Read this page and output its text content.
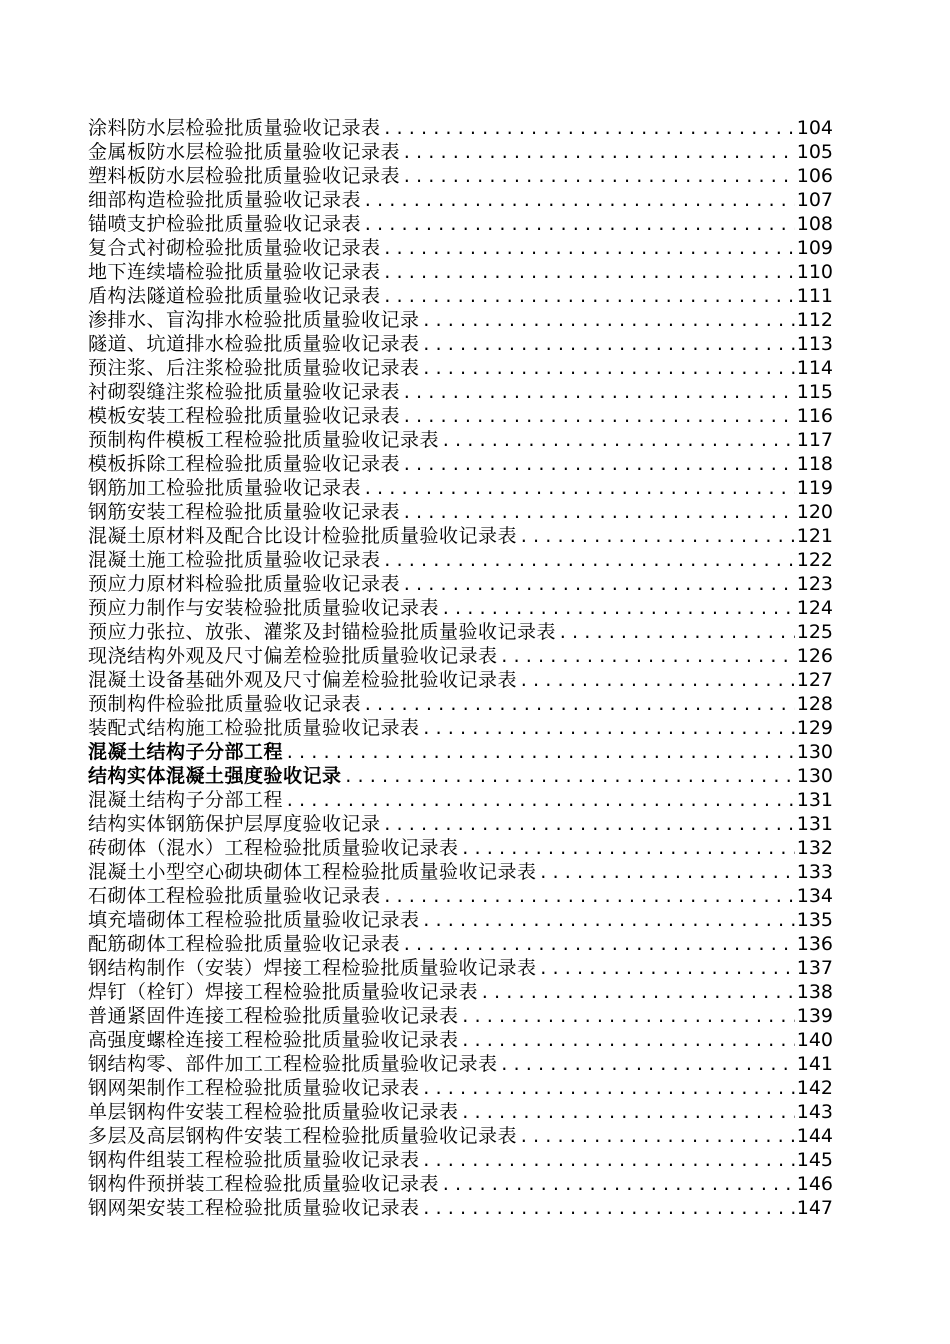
涂料防水层检验批质量验收记录表 .....	104
金属板防水层检验批质量验收记录表 .....	105
塑料板防水层检验批质量验收记录表 .....	106
细部构造检验批质量验收记录表 .....	107
锚喷支护检验批质量验收记录表 .....	108
复合式衬砌检验批质量验收记录表 .....	109
地下连续墙检验批质量验收记录表 .....	110
盾构法隧道检验批质量验收记录表 .....	111
渗排水、盲沟排水检验批质量验收记录 .....	112
隧道、坑道排水检验批质量验收记录表 .....	113
预注浆、后注浆检验批质量验收记录表 .....	114
衬砌裂缝注浆检验批质量验收记录表 .....	115
模板安装工程检验批质量验收记录表 .....	116
预制构件模板工程检验批质量验收记录表 .....	117
模板拆除工程检验批质量验收记录表 .....	118
钢筋加工检验批质量验收记录表 .....	119
钢筋安装工程检验批质量验收记录表 .....	120
混凝土原材料及配合比设计检验批质量验收记录表 .....	121
混凝土施工检验批质量验收记录表 .....	122
预应力原材料检验批质量验收记录表 .....	123
预应力制作与安装检验批质量验收记录表 .....	124
预应力张拉、放张、灌浆及封锚检验批质量验收记录表 .....	125
现浇结构外观及尺寸偏差检验批质量验收记录表 .....	126
混凝土设备基础外观及尺寸偏差检验批验收记录表 .....	127
预制构件检验批质量验收记录表 .....	128
装配式结构施工检验批质量验收记录表 .....	129
混凝土结构子分部工程 .....	130
结构实体混凝土强度验收记录 .....	130
混凝土结构子分部工程 .....	131
结构实体钢筋保护层厚度验收记录 .....	131
砖砌体（混水）工程检验批质量验收记录表 .....	132
混凝土小型空心砌块砌体工程检验批质量验收记录表 .....	133
石砌体工程检验批质量验收记录表 .....	134
填充墙砌体工程检验批质量验收记录表 .....	135
配筋砌体工程检验批质量验收记录表 .....	136
钢结构制作（安装）焊接工程检验批质量验收记录表 .....	137
焊钉（栓钉）焊接工程检验批质量验收记录表 .....	138
普通紧固件连接工程检验批质量验收记录表 .....	139
高强度螺栓连接工程检验批质量验收记录表 .....	140
钢结构零、部件加工工程检验批质量验收记录表 .....	141
钢网架制作工程检验批质量验收记录表 .....	142
单层钢构件安装工程检验批质量验收记录表 .....	143
多层及高层钢构件安装工程检验批质量验收记录表 .....	144
钢构件组装工程检验批质量验收记录表 .....	145
钢构件预拼装工程检验批质量验收记录表 .....	146
钢网架安装工程检验批质量验收记录表 .....	147
